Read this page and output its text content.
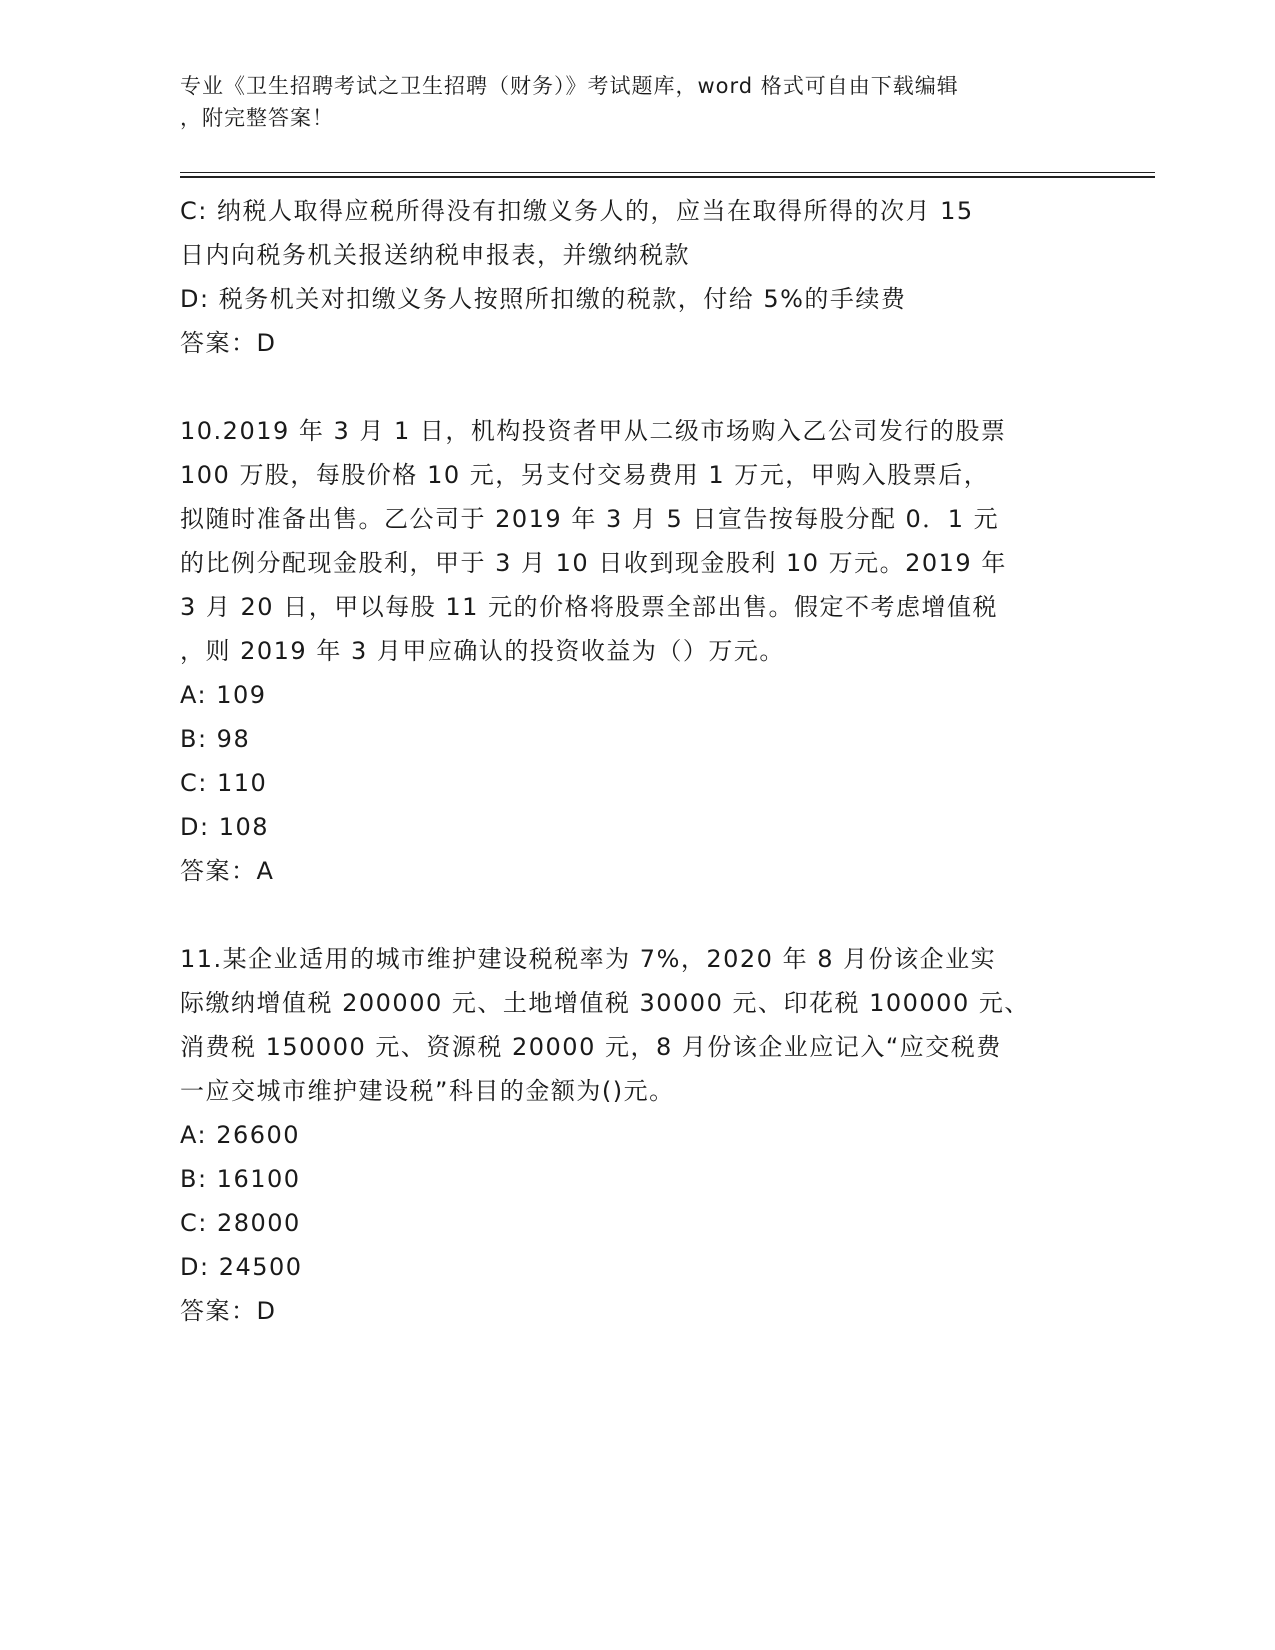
专业《卫生招聘考试之卫生招聘（财务）》考试题库，word 格式可自由下载编辑
，附完整答案！
C: 纳税人取得应税所得没有扣缴义务人的，应当在取得所得的次月 15
日内向税务机关报送纳税申报表，并缴纳税款
D: 税务机关对扣缴义务人按照所扣缴的税款，付给 5%的手续费
答案：D
10.2019 年 3 月 1 日，机构投资者甲从二级市场购入乙公司发行的股票
100 万股，每股价格 10 元，另支付交易费用 1 万元，甲购入股票后，
拟随时准备出售。乙公司于 2019 年 3 月 5 日宣告按每股分配 0．1 元
的比例分配现金股利，甲于 3 月 10 日收到现金股利 10 万元。2019 年
3 月 20 日，甲以每股 11 元的价格将股票全部出售。假定不考虑增值税
，则 2019 年 3 月甲应确认的投资收益为（）万元。
A: 109
B: 98
C: 110
D: 108
答案：A
11.某企业适用的城市维护建设税税率为 7%，2020 年 8 月份该企业实
际缴纳增值税 200000 元、土地增值税 30000 元、印花税 100000 元、
消费税 150000 元、资源税 20000 元，8 月份该企业应记入“应交税费
一应交城市维护建设税”科目的金额为()元。
A: 26600
B: 16100
C: 28000
D: 24500
答案：D
